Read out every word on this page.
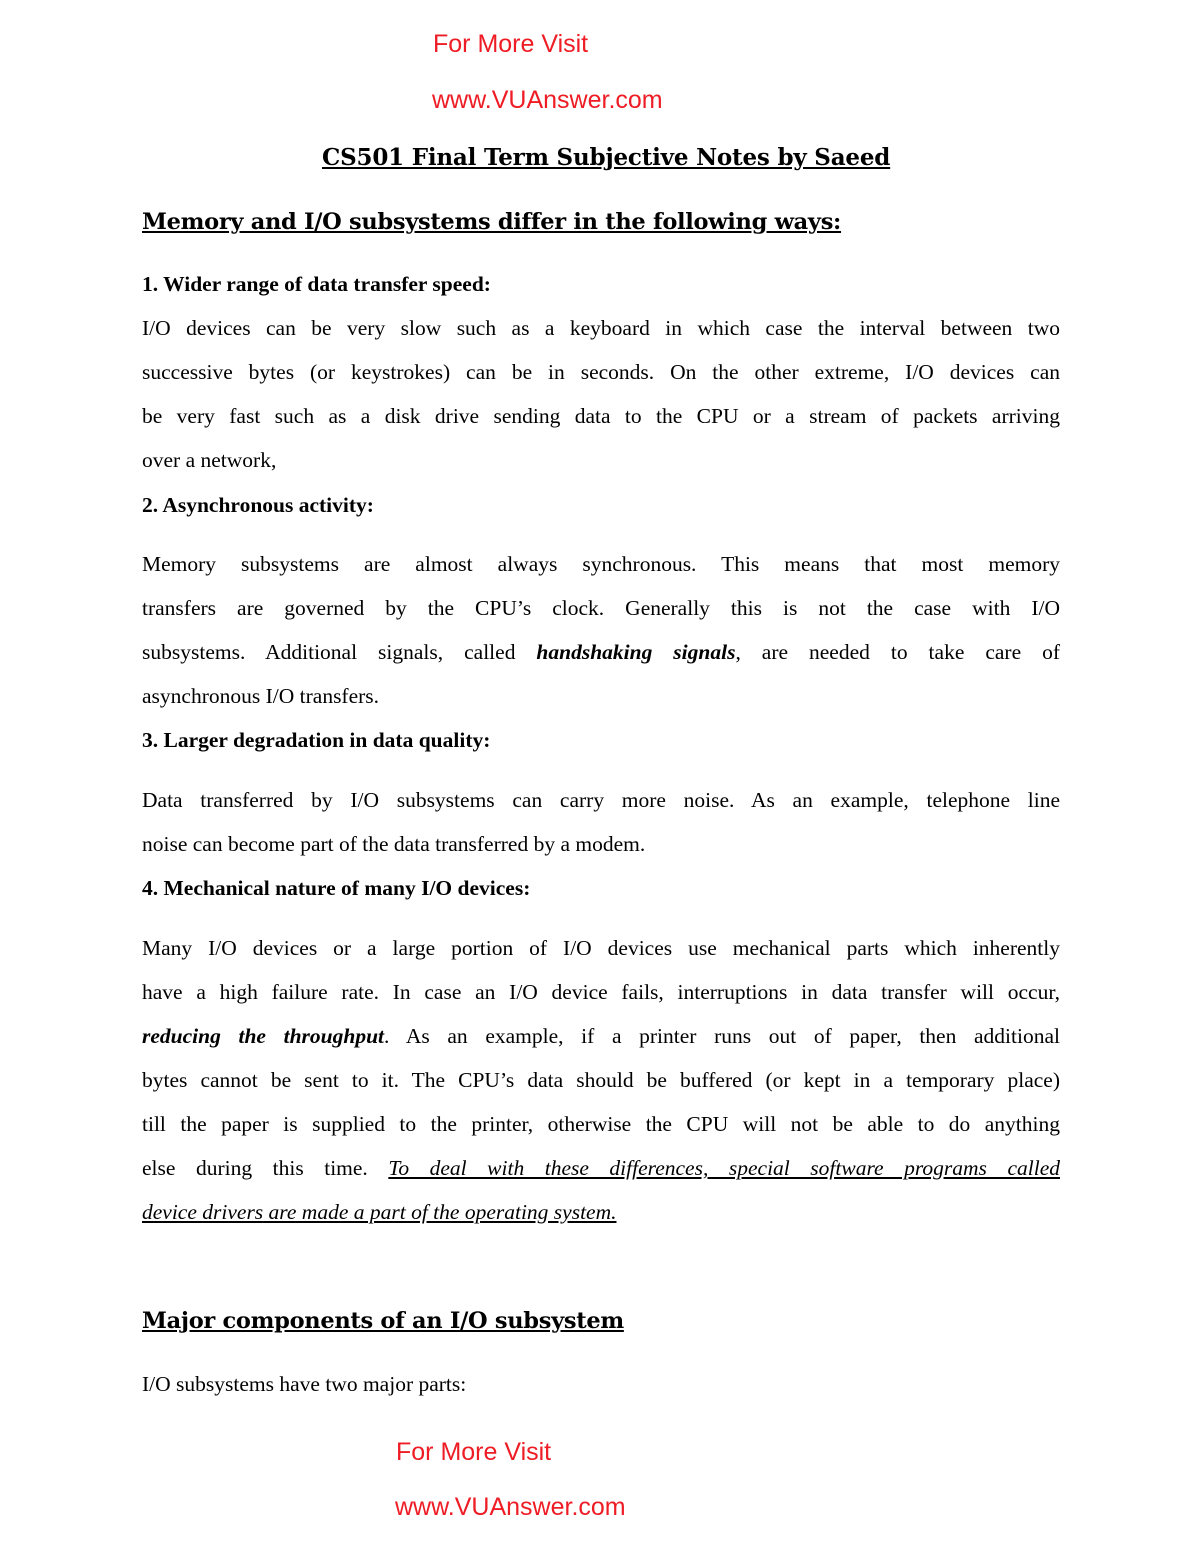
For More Visit
www.VUAnswer.com
CS501 Final Term Subjective Notes by Saeed
Memory and I/O subsystems differ in the following ways:
1. Wider range of data transfer speed:
I/O devices can be very slow such as a keyboard in which case the interval between two
successive bytes (or keystrokes) can be in seconds. On the other extreme, I/O devices can
be very fast such as a disk drive sending data to the CPU or a stream of packets arriving
over a network,
2. Asynchronous activity:
Memory subsystems are almost always synchronous. This means that most memory
transfers are governed by the CPU’s clock. Generally this is not the case with I/O
subsystems. Additional signals, called handshaking signals, are needed to take care of
asynchronous I/O transfers.
3. Larger degradation in data quality:
Data transferred by I/O subsystems can carry more noise. As an example, telephone line
noise can become part of the data transferred by a modem.
4. Mechanical nature of many I/O devices:
Many I/O devices or a large portion of I/O devices use mechanical parts which inherently
have a high failure rate. In case an I/O device fails, interruptions in data transfer will occur,
reducing the throughput. As an example, if a printer runs out of paper, then additional
bytes cannot be sent to it. The CPU’s data should be buffered (or kept in a temporary place)
till the paper is supplied to the printer, otherwise the CPU will not be able to do anything
else during this time. To deal with these differences, special software programs called
device drivers are made a part of the operating system.
Major components of an I/O subsystem
I/O subsystems have two major parts:
For More Visit
www.VUAnswer.com
